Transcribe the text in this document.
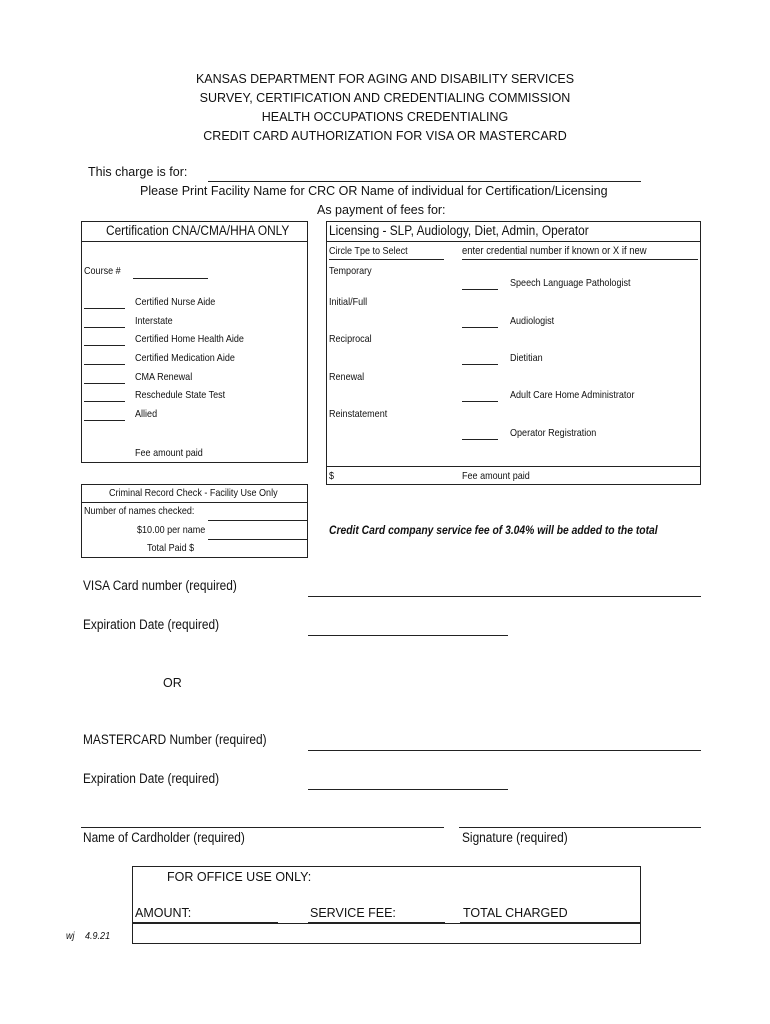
KANSAS DEPARTMENT FOR AGING AND DISABILITY SERVICES
SURVEY, CERTIFICATION AND CREDENTIALING COMMISSION
HEALTH OCCUPATIONS CREDENTIALING
CREDIT CARD AUTHORIZATION FOR VISA OR MASTERCARD
This charge is for:
Please Print Facility Name for CRC OR Name of individual for Certification/Licensing
As payment of fees for:
Certification CNA/CMA/HHA ONLY
Course #
Certified Nurse Aide
Interstate
Certified Home Health Aide
Certified Medication Aide
CMA Renewal
Reschedule State Test
Allied
Fee amount paid
Licensing - SLP, Audiology, Diet, Admin, Operator
Circle Tpe to Select	enter credential number if known or X if new
Temporary
Initial/Full
Reciprocal
Renewal
Reinstatement
Speech Language Pathologist
Audiologist
Dietitian
Adult Care Home Administrator
Operator Registration
$	Fee amount paid
Criminal Record Check - Facility Use Only
Number of names checked:
$10.00 per name
Total Paid $
Credit Card company service fee of 3.04% will be added to the total
VISA Card number (required)
Expiration Date (required)
OR
MASTERCARD Number (required)
Expiration Date (required)
Name of Cardholder (required)	Signature (required)
FOR OFFICE USE ONLY:
AMOUNT:	SERVICE FEE:	TOTAL CHARGED
wj 4.9.21
